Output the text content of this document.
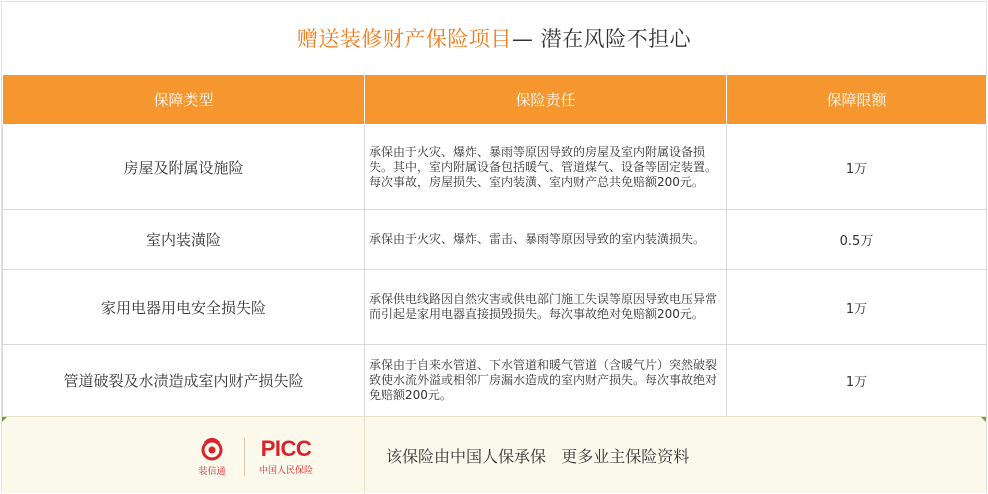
赠送装修财产保险项目 — 潜在风险不担心
保障类型	保险责任	保障限额
房屋及附属设施险	承保由于火灾、爆炸、暴雨等原因导致的房屋及室内附属设备损失。其中，室内附属设备包括暖气、管道煤气、设备等固定装置。每次事故，房屋损失、室内装潢、室内财产总共免赔额200元。	1万
室内装潢险	承保由于火灾、爆炸、雷击、暴雨等原因导致的室内装潢损失。	0.5万
家用电器用电安全损失险	承保供电线路因自然灾害或供电部门施工失误等原因导致电压异常而引起是家用电器直接损毁损失。每次事故绝对免赔额200元。	1万
管道破裂及水渍造成室内财产损失险	承保由于自来水管道、下水管道和暖气管道（含暖气片）突然破裂致使水流外溢或相邻厂房漏水造成的室内财产损失。每次事故绝对免赔额200元。	1万
装信通
PICC
中国人民保险
该保险由中国人保承保   更多业主保险资料
